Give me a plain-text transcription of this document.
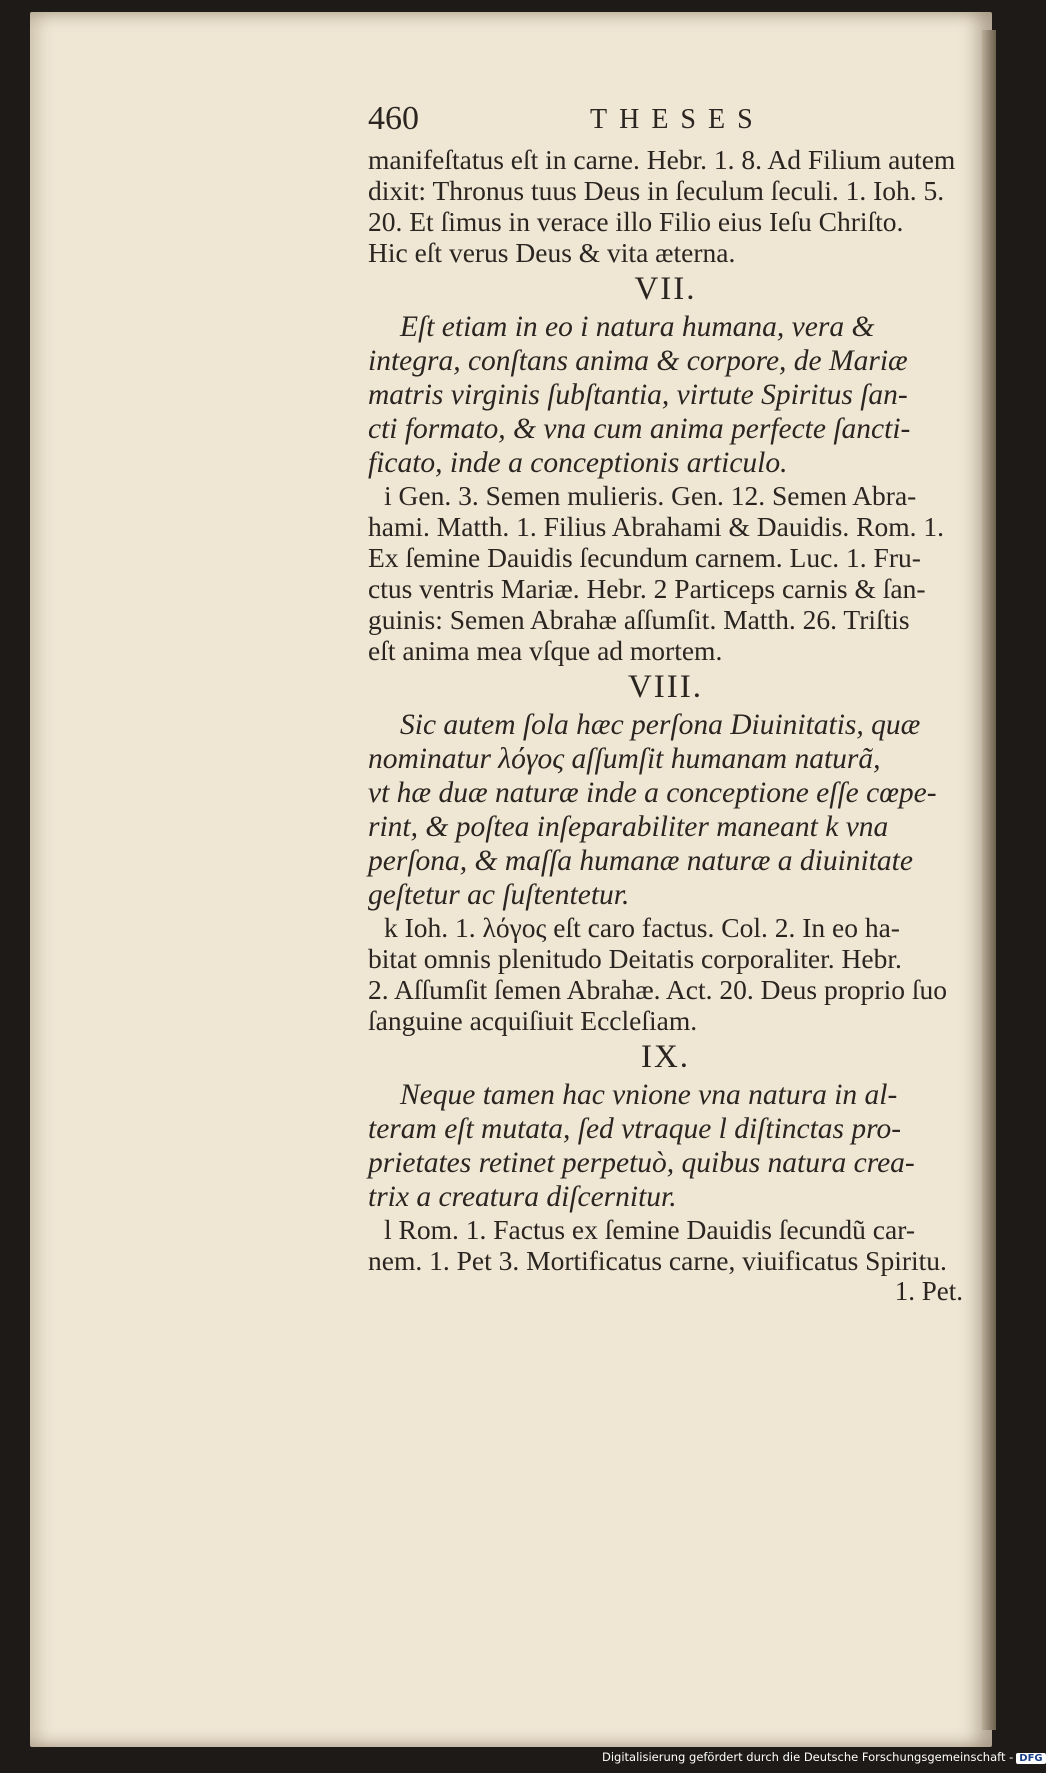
460	THESES
manifeſtatus eſt in carne. Hebr. 1. 8. Ad Filium autem
dixit: Thronus tuus Deus in ſeculum ſeculi. 1. Ioh. 5.
20. Et ſimus in verace illo Filio eius Ieſu Chriſto.
Hic eſt verus Deus & vita æterna.
VII.
Eſt etiam in eo i natura humana, vera &
integra, conſtans anima & corpore, de Mariæ
matris virginis ſubſtantia, virtute Spiritus ſan-
cti formato, & vna cum anima perfecte ſancti-
ficato, inde a conceptionis articulo.
i Gen. 3. Semen mulieris. Gen. 12. Semen Abra-
hami. Matth. 1. Filius Abrahami & Dauidis. Rom. 1.
Ex ſemine Dauidis ſecundum carnem. Luc. 1. Fru-
ctus ventris Mariæ. Hebr. 2 Particeps carnis & ſan-
guinis: Semen Abrahæ aſſumſit. Matth. 26. Triſtis
eſt anima mea vſque ad mortem.
VIII.
Sic autem ſola hæc perſona Diuinitatis, quæ
nominatur λόγος aſſumſit humanam naturã,
vt hæ duæ naturæ inde a conceptione eſſe cœpe-
rint, & poſtea inſeparabiliter maneant k vna
perſona, & maſſa humanæ naturæ a diuinitate
geſtetur ac ſuſtentetur.
k Ioh. 1. λόγος eſt caro factus. Col. 2. In eo ha-
bitat omnis plenitudo Deitatis corporaliter. Hebr.
2. Aſſumſit ſemen Abrahæ. Act. 20. Deus proprio ſuo
ſanguine acquiſiuit Eccleſiam.
IX.
Neque tamen hac vnione vna natura in al-
teram eſt mutata, ſed vtraque l diſtinctas pro-
prietates retinet perpetuò, quibus natura crea-
trix a creatura diſcernitur.
l Rom. 1. Factus ex ſemine Dauidis ſecundũ car-
nem. 1. Pet 3. Mortificatus carne, viuificatus Spiritu.
1. Pet.
Digitalisierung gefördert durch die Deutsche Forschungsgemeinschaft - DFG
